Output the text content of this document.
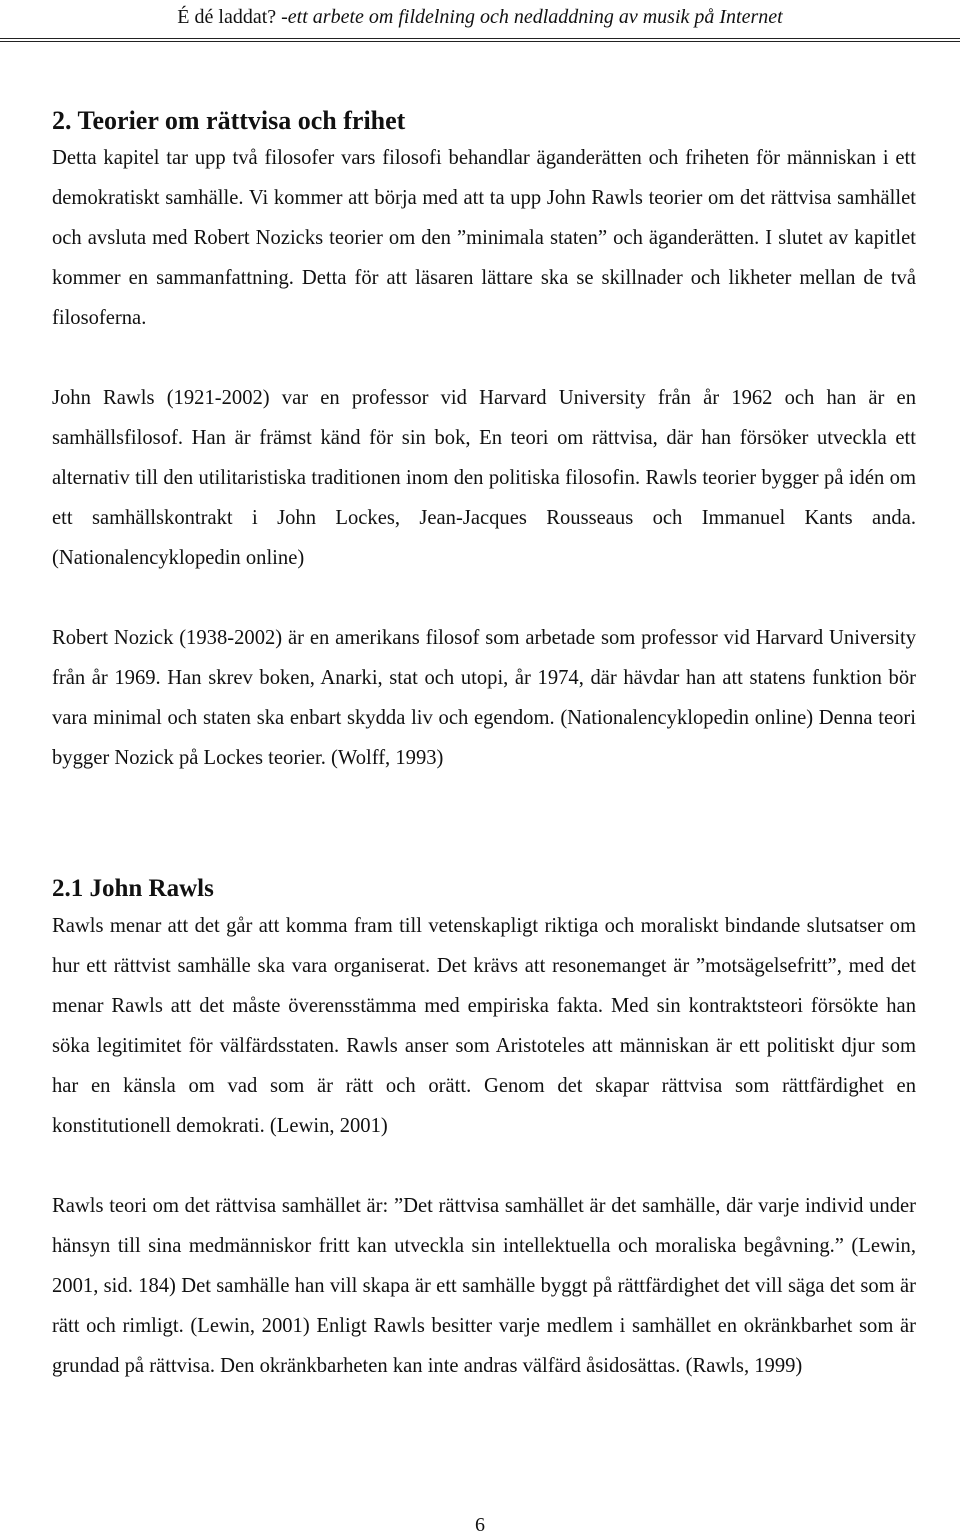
É dé laddat? -ett arbete om fildelning och nedladdning av musik på Internet
2. Teorier om rättvisa och frihet

Detta kapitel tar upp två filosofer vars filosofi behandlar äganderätten och friheten för människan i ett demokratiskt samhälle. Vi kommer att börja med att ta upp John Rawls teorier om det rättvisa samhället och avsluta med Robert Nozicks teorier om den ”minimala staten” och äganderätten. I slutet av kapitlet kommer en sammanfattning. Detta för att läsaren lättare ska se skillnader och likheter mellan de två filosoferna.

John Rawls (1921-2002) var en professor vid Harvard University från år 1962 och han är en samhällsfilosof. Han är främst känd för sin bok, En teori om rättvisa, där han försöker utveckla ett alternativ till den utilitaristiska traditionen inom den politiska filosofin. Rawls teorier bygger på idén om ett samhällskontrakt i John Lockes, Jean-Jacques Rousseaus och Immanuel Kants anda. (Nationalencyklopedin online)

Robert Nozick (1938-2002) är en amerikans filosof som arbetade som professor vid Harvard University från år 1969. Han skrev boken, Anarki, stat och utopi, år 1974, där hävdar han att statens funktion bör vara minimal och staten ska enbart skydda liv och egendom. (Nationalencyklopedin online) Denna teori bygger Nozick på Lockes teorier. (Wolff, 1993)

2.1 John Rawls

Rawls menar att det går att komma fram till vetenskapligt riktiga och moraliskt bindande slutsatser om hur ett rättvist samhälle ska vara organiserat. Det krävs att resonemanget är ”motsägelsefritt”, med det menar Rawls att det måste överensstämma med empiriska fakta. Med sin kontraktsteori försökte han söka legitimitet för välfärdsstaten. Rawls anser som Aristoteles att människan är ett politiskt djur som har en känsla om vad som är rätt och orätt. Genom det skapar rättvisa som rättfärdighet en konstitutionell demokrati. (Lewin, 2001)

Rawls teori om det rättvisa samhället är: ”Det rättvisa samhället är det samhälle, där varje individ under hänsyn till sina medmänniskor fritt kan utveckla sin intellektuella och moraliska begåvning.” (Lewin, 2001, sid. 184) Det samhälle han vill skapa är ett samhälle byggt på rättfärdighet det vill säga det som är rätt och rimligt. (Lewin, 2001) Enligt Rawls besitter varje medlem i samhället en okränkbarhet som är grundad på rättvisa. Den okränkbarheten kan inte andras välfärd åsidosättas. (Rawls, 1999)

6
